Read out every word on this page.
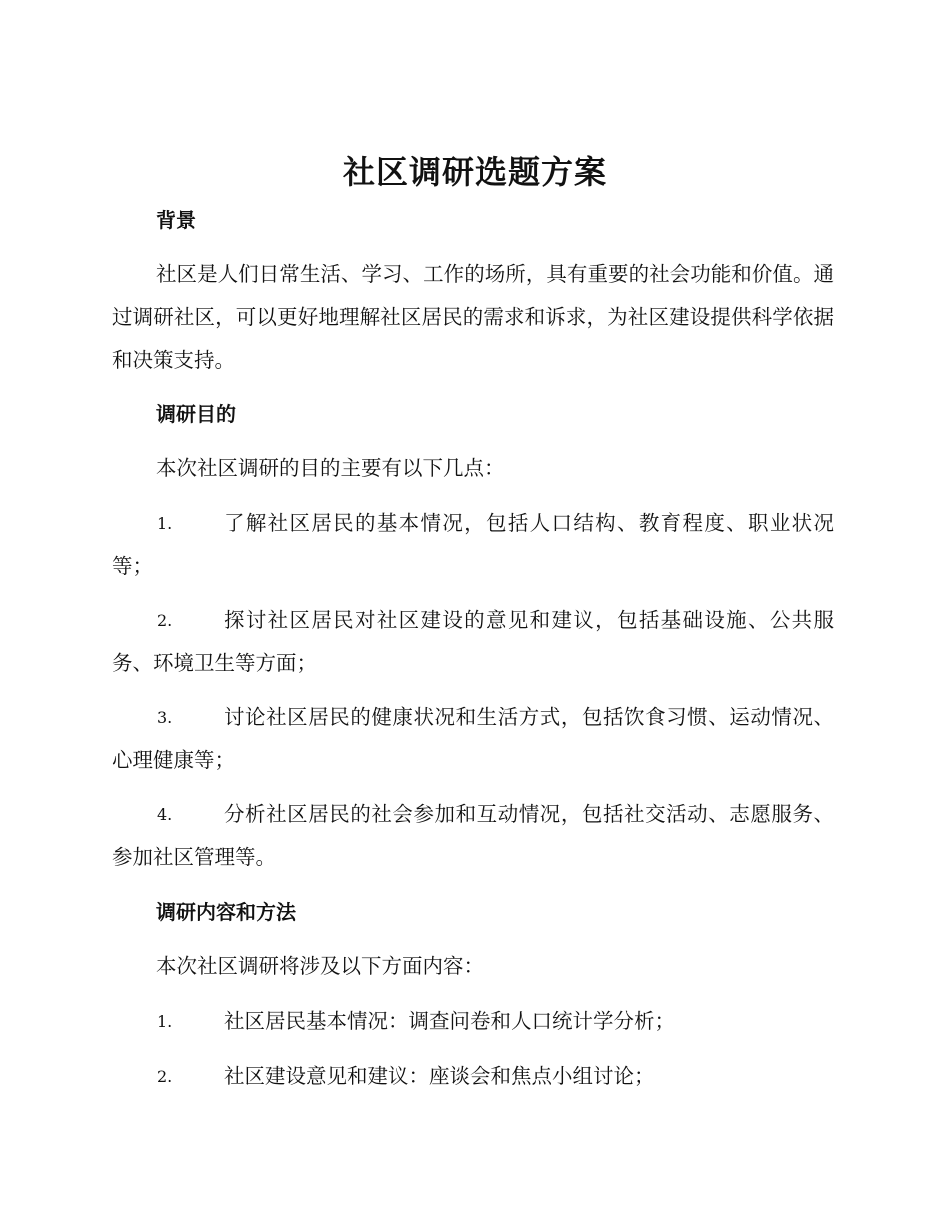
社区调研选题方案
背景

社区是人们日常生活、学习、工作的场所，具有重要的社会功能和价值。通过调研社区，可以更好地理解社区居民的需求和诉求，为社区建设提供科学依据和决策支持。

调研目的

本次社区调研的目的主要有以下几点：

1.	了解社区居民的基本情况，包括人口结构、教育程度、职业状况等；
2.	探讨社区居民对社区建设的意见和建议，包括基础设施、公共服务、环境卫生等方面；
3.	讨论社区居民的健康状况和生活方式，包括饮食习惯、运动情况、心理健康等；
4.	分析社区居民的社会参加和互动情况，包括社交活动、志愿服务、参加社区管理等。
调研内容和方法

本次社区调研将涉及以下方面内容：

1.	社区居民基本情况：调查问卷和人口统计学分析；
2.	社区建设意见和建议：座谈会和焦点小组讨论；
